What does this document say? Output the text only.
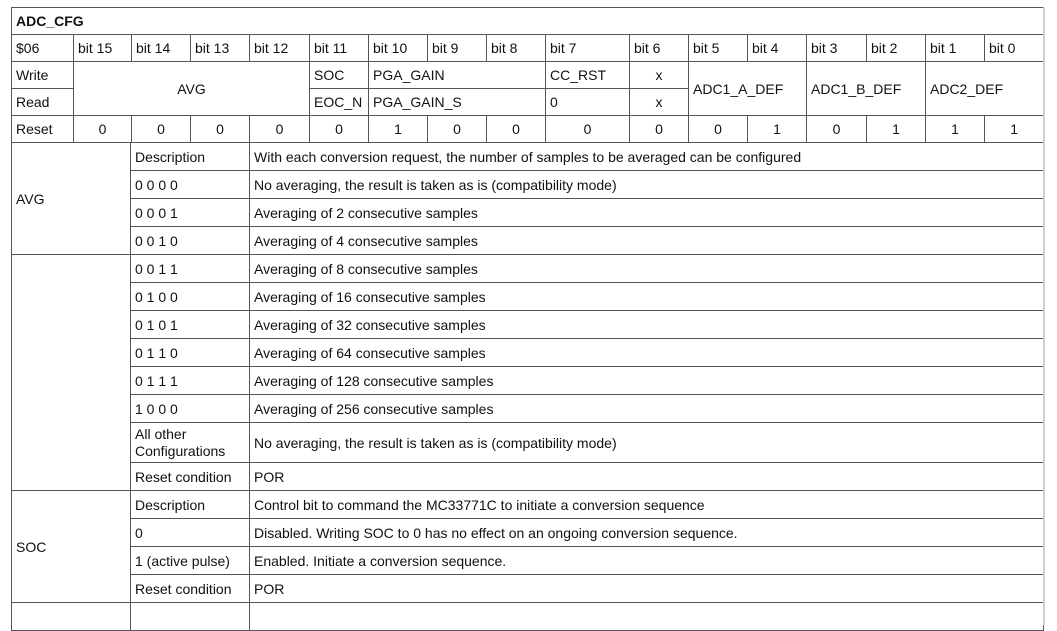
ADC_CFG																
$06	bit 15	bit 14	bit 13	bit 12	bit 11	bit 10	bit 9	bit 8	bit 7	bit 6	bit 5	bit 4	bit 3	bit 2	bit 1	bit 0
Write	AVG				SOC	PGA_GAIN			CC_RST	x	ADC1_A_DEF		ADC1_B_DEF		ADC2_DEF	
Read					EOC_N	PGA_GAIN_S			0	x						
Reset	0	0	0	0	0	1	0	0	0	0	0	1	0	1	1	1
AVG	Description	With each conversion request, the number of samples to be averaged can be configured
	0 0 0 0	No averaging, the result is taken as is (compatibility mode)
	0 0 0 1	Averaging of 2 consecutive samples
	0 0 1 0	Averaging of 4 consecutive samples
	0 0 1 1	Averaging of 8 consecutive samples
	0 1 0 0	Averaging of 16 consecutive samples
	0 1 0 1	Averaging of 32 consecutive samples
	0 1 1 0	Averaging of 64 consecutive samples
	0 1 1 1	Averaging of 128 consecutive samples
	1 0 0 0	Averaging of 256 consecutive samples
	All other Configurations	No averaging, the result is taken as is (compatibility mode)
	Reset condition	POR
SOC	Description	Control bit to command the MC33771C to initiate a conversion sequence
	0	Disabled. Writing SOC to 0 has no effect on an ongoing conversion sequence.
	1 (active pulse)	Enabled. Initiate a conversion sequence.
	Reset condition	POR
